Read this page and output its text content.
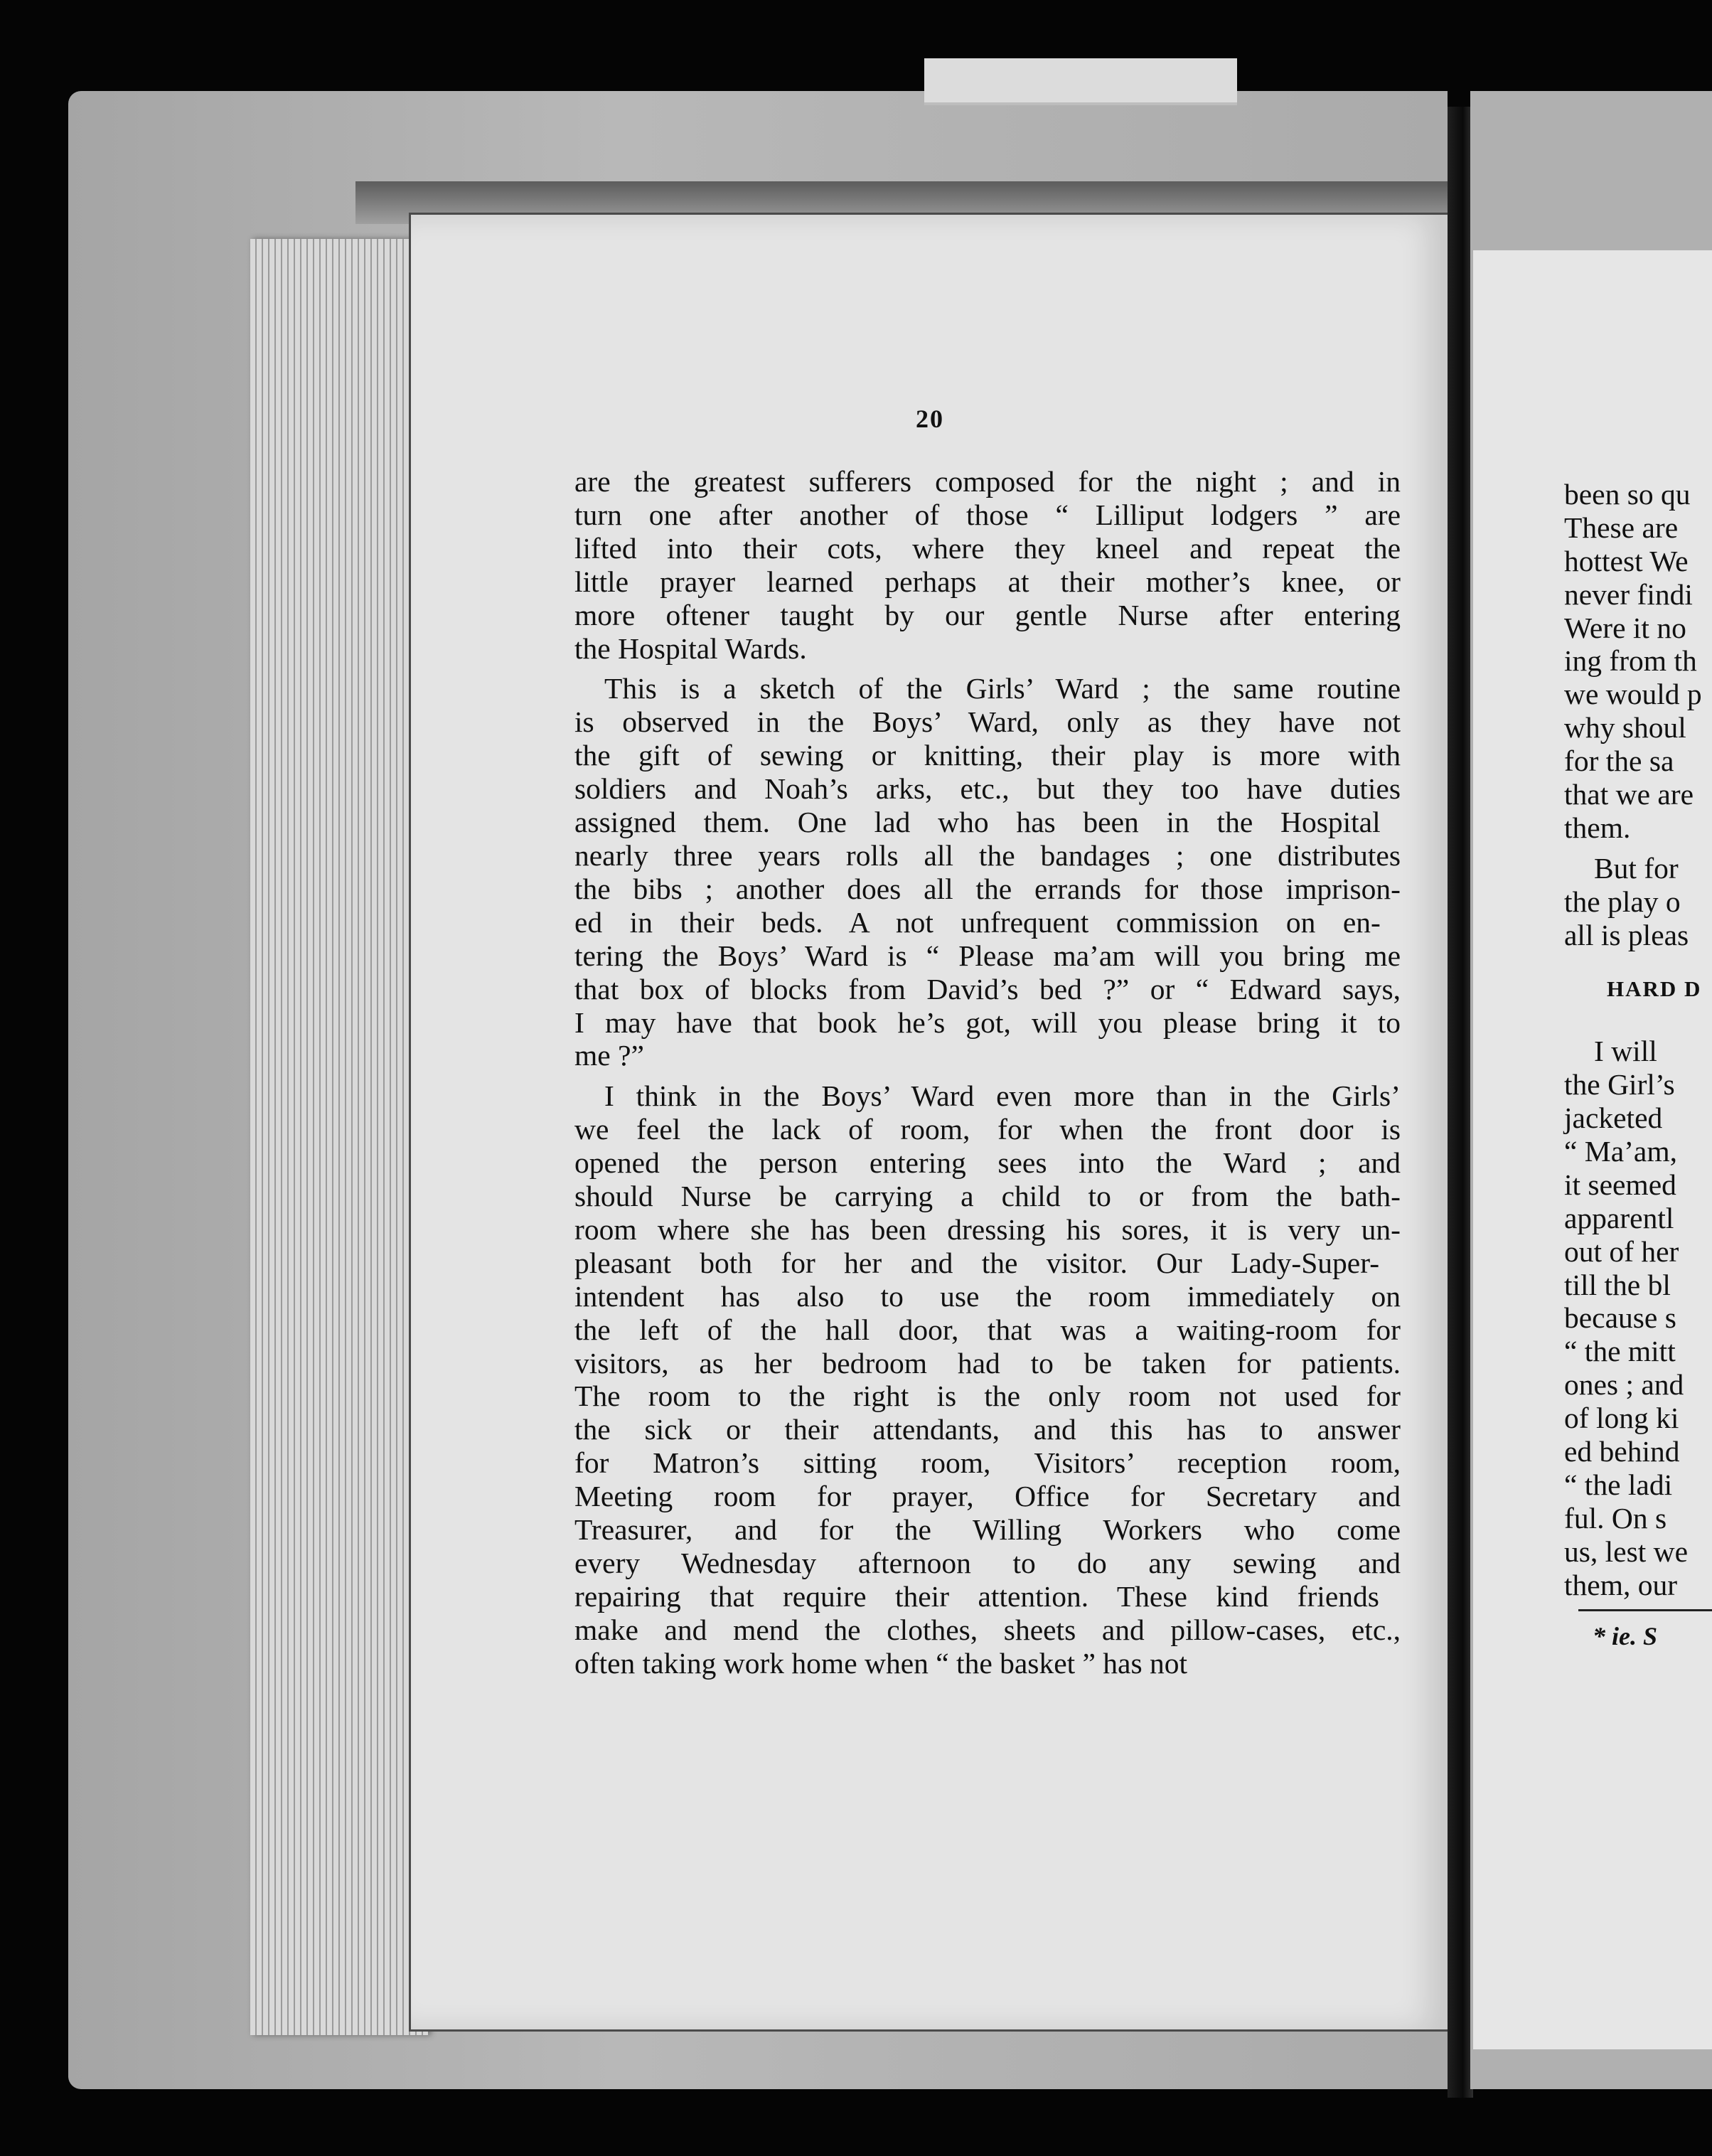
20
are the greatest sufferers composed for the night ; and in
turn one after another of those “ Lilliput lodgers ” are
lifted into their cots, where they kneel and repeat the
little prayer learned perhaps at their mother’s knee, or
more oftener taught by our gentle Nurse after entering
the Hospital Wards.
This is a sketch of the Girls’ Ward ; the same routine
is observed in the Boys’ Ward, only as they have not
the gift of sewing or knitting, their play is more with
soldiers and Noah’s arks, etc., but they too have duties
assigned them. One lad who has been in the Hospital
nearly three years rolls all the bandages ; one distributes
the bibs ; another does all the errands for those imprison-
ed in their beds. A not unfrequent commission on en-
tering the Boys’ Ward is “ Please ma’am will you bring me
that box of blocks from David’s bed ?” or “ Edward says,
I may have that book he’s got, will you please bring it to
me ?”
I think in the Boys’ Ward even more than in the Girls’
we feel the lack of room, for when the front door is
opened the person entering sees into the Ward ; and
should Nurse be carrying a child to or from the bath-
room where she has been dressing his sores, it is very un-
pleasant both for her and the visitor. Our Lady-Super-
intendent has also to use the room immediately on
the left of the hall door, that was a waiting-room for
visitors, as her bedroom had to be taken for patients.
The room to the right is the only room not used for
the sick or their attendants, and this has to answer
for Matron’s sitting room, Visitors’ reception room,
Meeting room for prayer, Office for Secretary and
Treasurer, and for the Willing Workers who come
every Wednesday afternoon to do any sewing and
repairing that require their attention. These kind friends
make and mend the clothes, sheets and pillow-cases, etc.,
often taking work home when “ the basket ” has not
been so qu
These are
hottest We
never findi
Were it no
ing from th
we would p
why shoul
for the sa
that we are
them.
But for
the play o
all is pleas
HARD D
I will
the Girl’s
jacketed
“ Ma’am,
it seemed
apparentl
out of her
till the bl
because s
“ the mitt
ones ; and
of long ki
ed behind
“ the ladi
ful. On s
us, lest we
them, our
* ie. S
